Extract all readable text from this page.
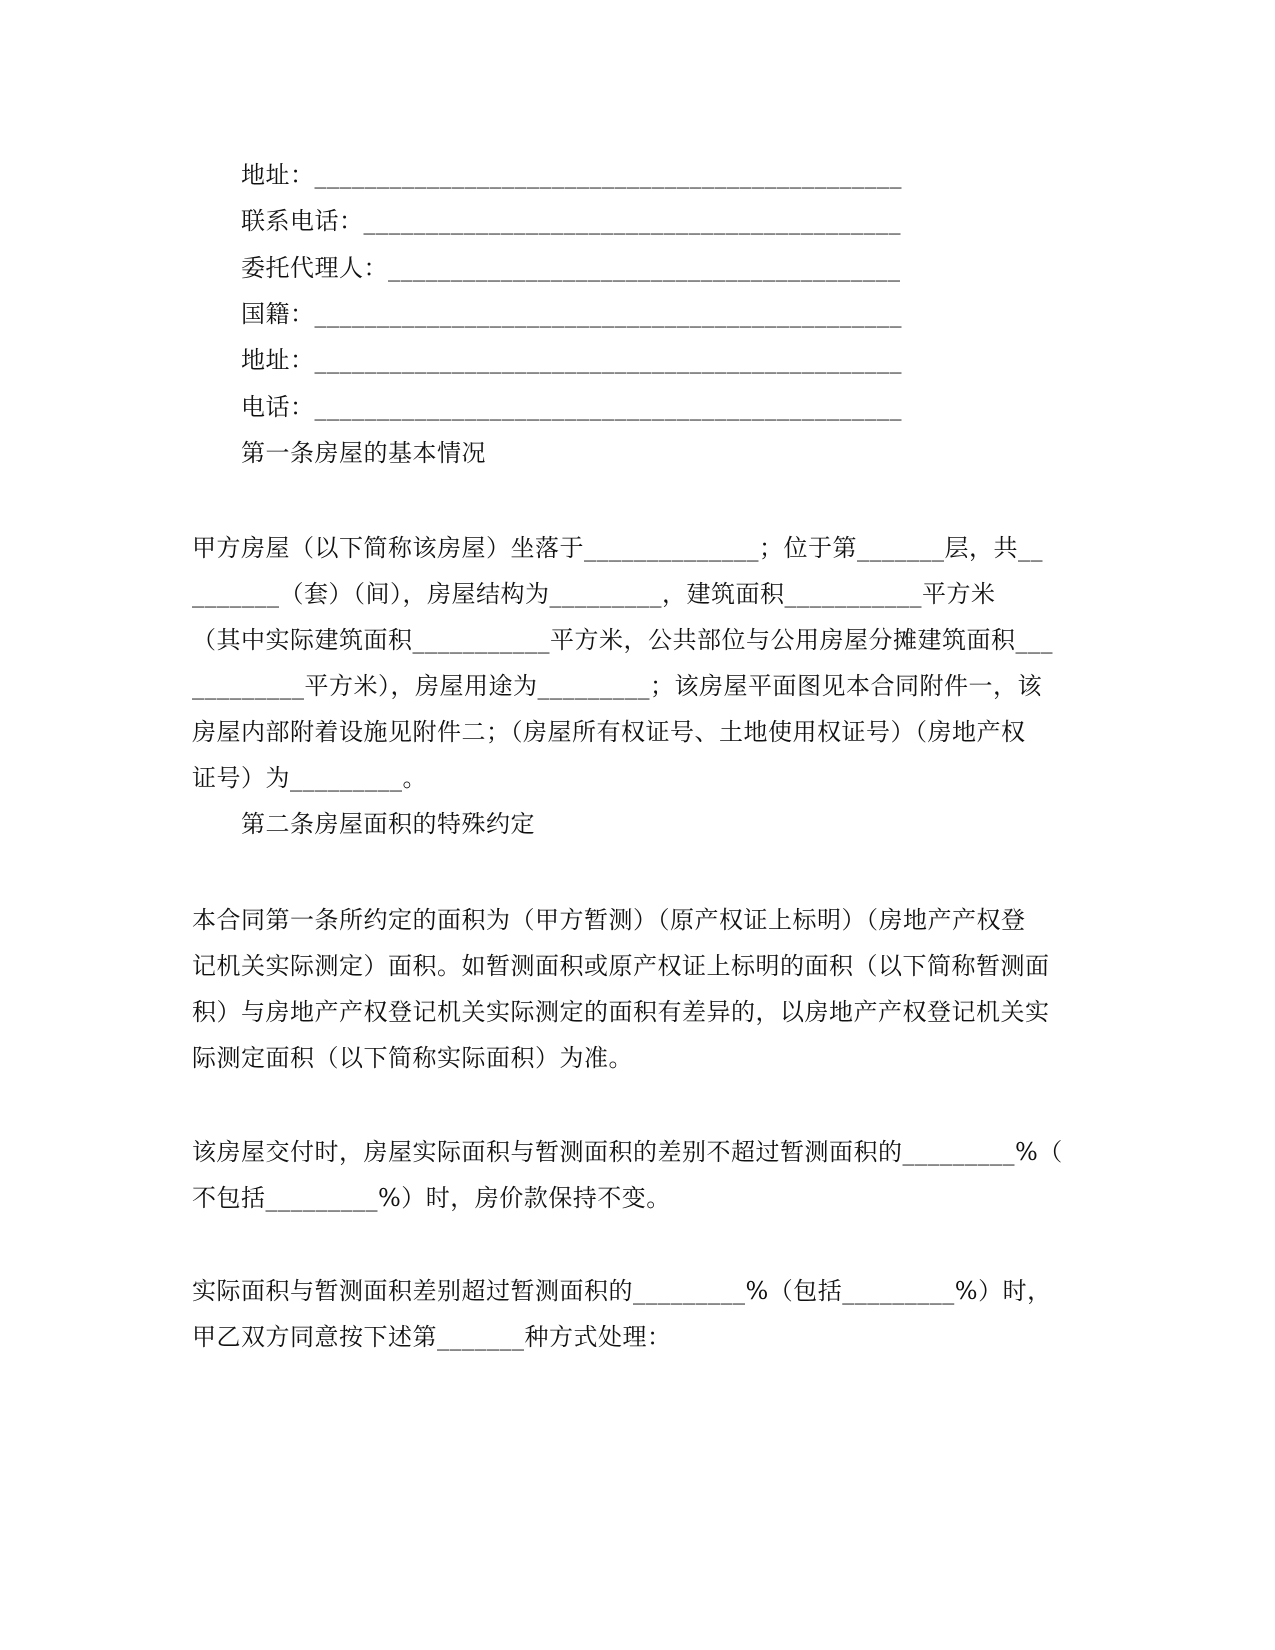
地址：_______________________________________________
联系电话：___________________________________________
委托代理人：_________________________________________
国籍：_______________________________________________
地址：_______________________________________________
电话：_______________________________________________
第一条房屋的基本情况
甲方房屋（以下简称该房屋）坐落于______________；位于第_______层，共__
_______（套）（间），房屋结构为_________，建筑面积___________平方米
（其中实际建筑面积___________平方米，公共部位与公用房屋分摊建筑面积___
_________平方米），房屋用途为_________；该房屋平面图见本合同附件一，该
房屋内部附着设施见附件二；（房屋所有权证号、土地使用权证号）（房地产权
证号）为_________。
第二条房屋面积的特殊约定
本合同第一条所约定的面积为（甲方暂测）（原产权证上标明）（房地产产权登
记机关实际测定）面积。如暂测面积或原产权证上标明的面积（以下简称暂测面
积）与房地产产权登记机关实际测定的面积有差异的，以房地产产权登记机关实
际测定面积（以下简称实际面积）为准。
该房屋交付时，房屋实际面积与暂测面积的差别不超过暂测面积的_________%（
不包括_________%）时，房价款保持不变。
实际面积与暂测面积差别超过暂测面积的_________%（包括_________%）时，
甲乙双方同意按下述第_______种方式处理：
